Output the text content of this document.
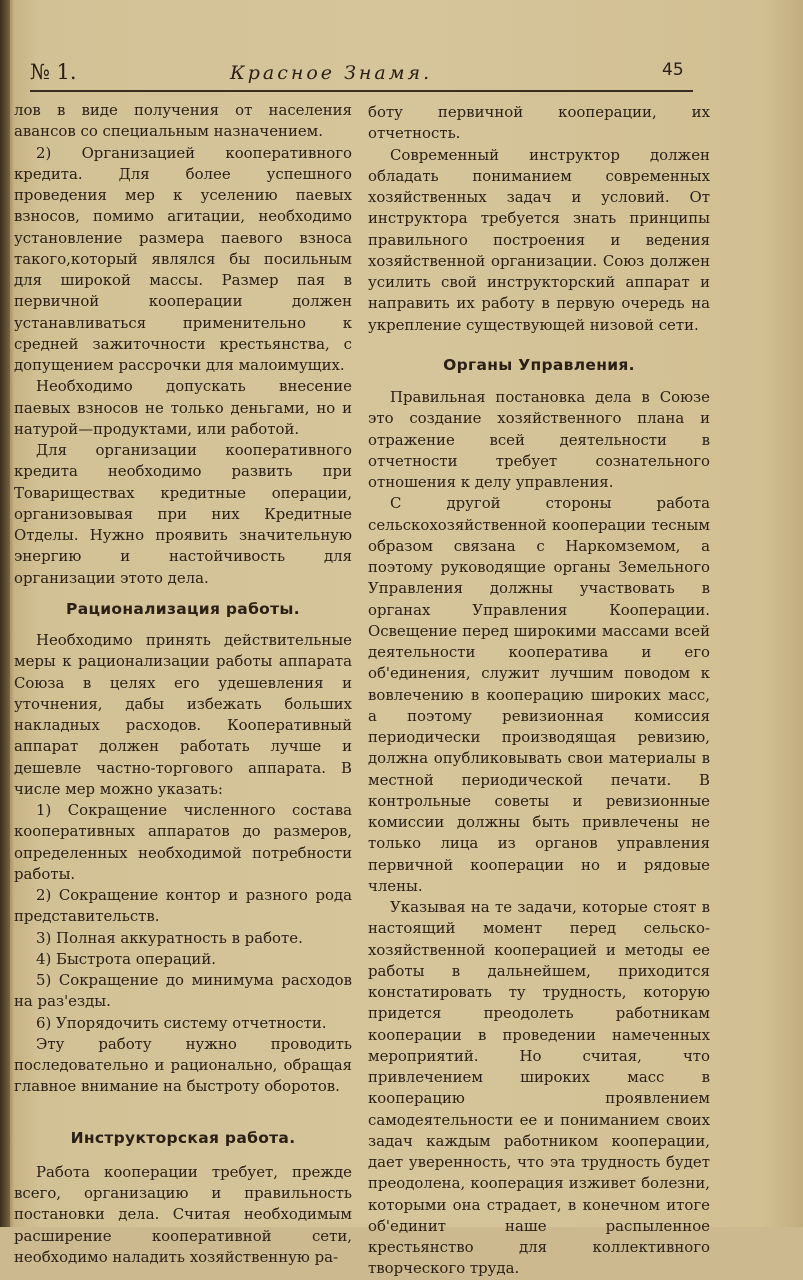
№ 1.	Красное Знамя.	45

лов в виде получения от населения авансов со специальным назначением.

2) Организацией кооперативного кредита. Для более успешного проведения мер к уселению паевых взносов, помимо агитации, необходимо установление размера паевого взноса такого,который являлся бы посильным для широкой массы. Размер пая в первичной кооперации должен устанавливаться применительно к средней зажиточности крестьянства, с допущением рассрочки для малоимущих.

Необходимо допускать внесение паевых взносов не только деньгами, но и натурой—продуктами, или работой.

Для организации кооперативного кредита необходимо развить при Товариществах кредитные операции, организовывая при них Кредитные Отделы. Нужно проявить значительную энергию и настойчивость для организации этото дела.

Рационализация работы.

Необходимо принять действительные меры к рационализации работы аппарата Союза в целях его удешевления и уточнения, дабы избежать больших накладных расходов. Кооперативный аппарат должен работать лучше и дешевле частно-торгового аппарата. В числе мер можно указать:

1) Сокращение численного состава кооперативных аппаратов до размеров, определенных необходимой потребности работы.

2) Сокращение контор и разного рода представительств.

3) Полная аккуратность в работе.

4) Быстрота операций.

5) Сокращение до минимума расходов на раз'езды.

6) Упорядочить систему отчетности.

Эту работу нужно проводить последовательно и рационально, обращая главное внимание на быстроту оборотов.

Инструкторская работа.

Работа кооперации требует, прежде всего, организацию и правильность постановки дела. Считая необходимым расширение кооперативной сети, необходимо наладить хозяйственную ра-

боту первичной кооперации, их отчетность.

Современный инструктор должен обладать пониманием современных хозяйственных задач и условий. От инструктора требуется знать принципы правильного построения и ведения хозяйственной организации. Союз должен усилить свой инструкторский аппарат и направить их работу в первую очередь на укрепление существующей низовой сети.

Органы Управления.

Правильная постановка дела в Союзе это создание хозяйственного плана и отражение всей деятельности в отчетности требует сознательного отношения к делу управления.

С другой стороны работа сельскохозяйственной кооперации тесным образом связана с Наркомземом, а поэтому руководящие органы Земельного Управления должны участвовать в органах Управления Кооперации. Освещение перед широкими массами всей деятельности кооператива и его об'единения, служит лучшим поводом к вовлечению в кооперацию широких масс, а поэтому ревизионная комиссия периодически производящая ревизию, должна опубликовывать свои материалы в местной периодической печати. В контрольные советы и ревизионные комиссии должны быть привлечены не только лица из органов управления первичной кооперации но и рядовые члены.

Указывая на те задачи, которые стоят в настоящий момент перед сельско-хозяйственной кооперацией и методы ее работы в дальнейшем, приходится констатировать ту трудность, которую придется преодолеть работникам кооперации в проведении намеченных мероприятий. Но считая, что привлечением широких масс в кооперацию проявлением самодеятельности ее и пониманием своих задач каждым работником кооперации, дает уверенность, что эта трудность будет преодолена, кооперация изживет болезни, которыми она страдает, в конечном итоге об'единит наше распыленное крестьянство для коллективного творческого труда.
